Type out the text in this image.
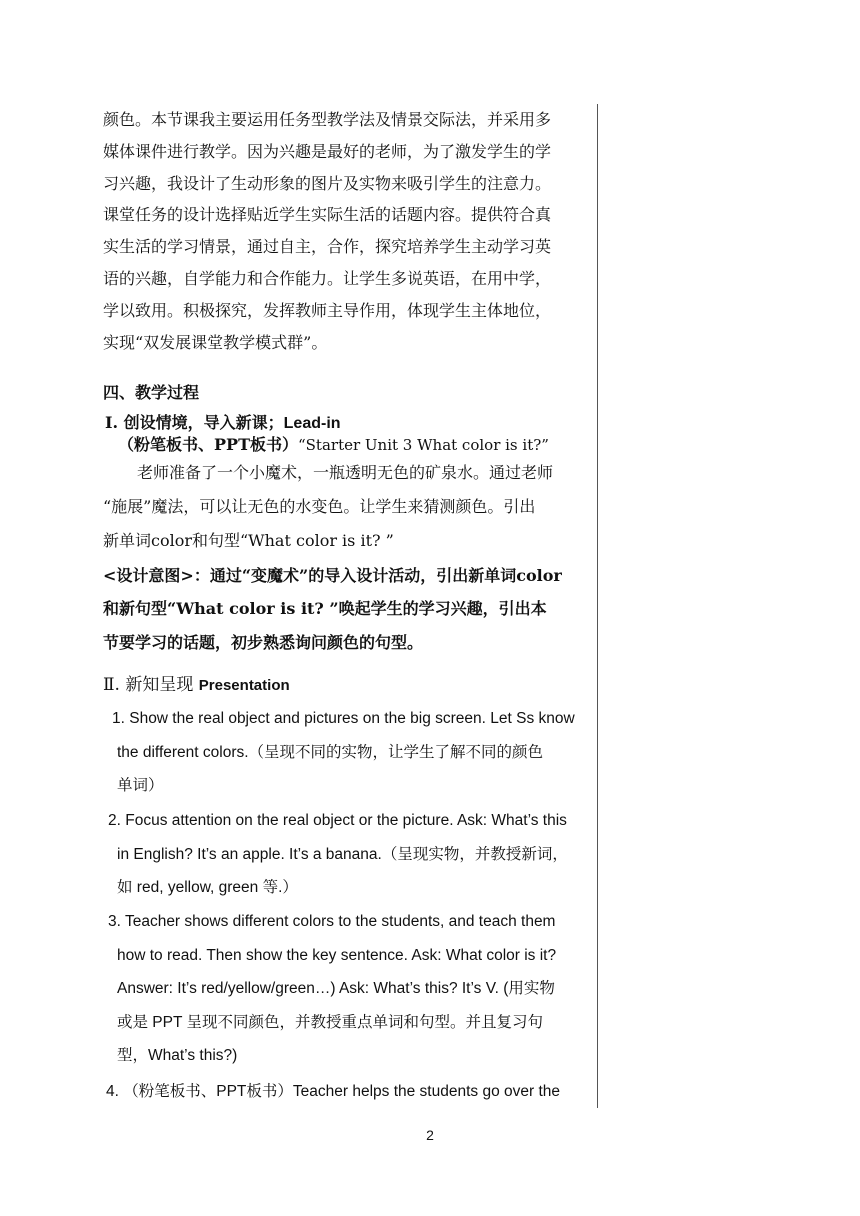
颜色。本节课我主要运用任务型教学法及情景交际法，并采用多
媒体课件进行教学。因为兴趣是最好的老师，为了激发学生的学
习兴趣，我设计了生动形象的图片及实物来吸引学生的注意力。
课堂任务的设计选择贴近学生实际生活的话题内容。提供符合真
实生活的学习情景，通过自主，合作，探究培养学生主动学习英
语的兴趣，自学能力和合作能力。让学生多说英语，在用中学，
学以致用。积极探究，发挥教师主导作用，体现学生主体地位，
实现“双发展课堂教学模式群”。
四、教学过程
Ⅰ. 创设情境，导入新课；Lead-in
（粉笔板书、PPT板书）“Starter Unit 3 What color is it?”
老师准备了一个小魔术，一瓶透明无色的矿泉水。通过老师
“施展”魔法，可以让无色的水变色。让学生来猜测颜色。引出
新单词color和句型“What color is it? ”
<设计意图>：通过“变魔术”的导入设计活动，引出新单词color
和新句型“What color is it? ”唤起学生的学习兴趣，引出本
节要学习的话题，初步熟悉询问颜色的句型。
Ⅱ. 新知呈现 Presentation
1. Show the real object and pictures on the big screen. Let Ss know
the different colors.（呈现不同的实物，让学生了解不同的颜色
单词）
2. Focus attention on the real object or the picture. Ask: What’s this
in English? It’s an apple. It’s a banana.（呈现实物，并教授新词，
如 red, yellow, green 等.）
3. Teacher shows different colors to the students, and teach them
how to read. Then show the key sentence. Ask: What color is it?
Answer: It’s red/yellow/green…) Ask: What’s this? It’s V. (用实物
或是 PPT 呈现不同颜色，并教授重点单词和句型。并且复习句
型，What’s this?)
4. （粉笔板书、PPT板书）Teacher helps the students go over the
2
